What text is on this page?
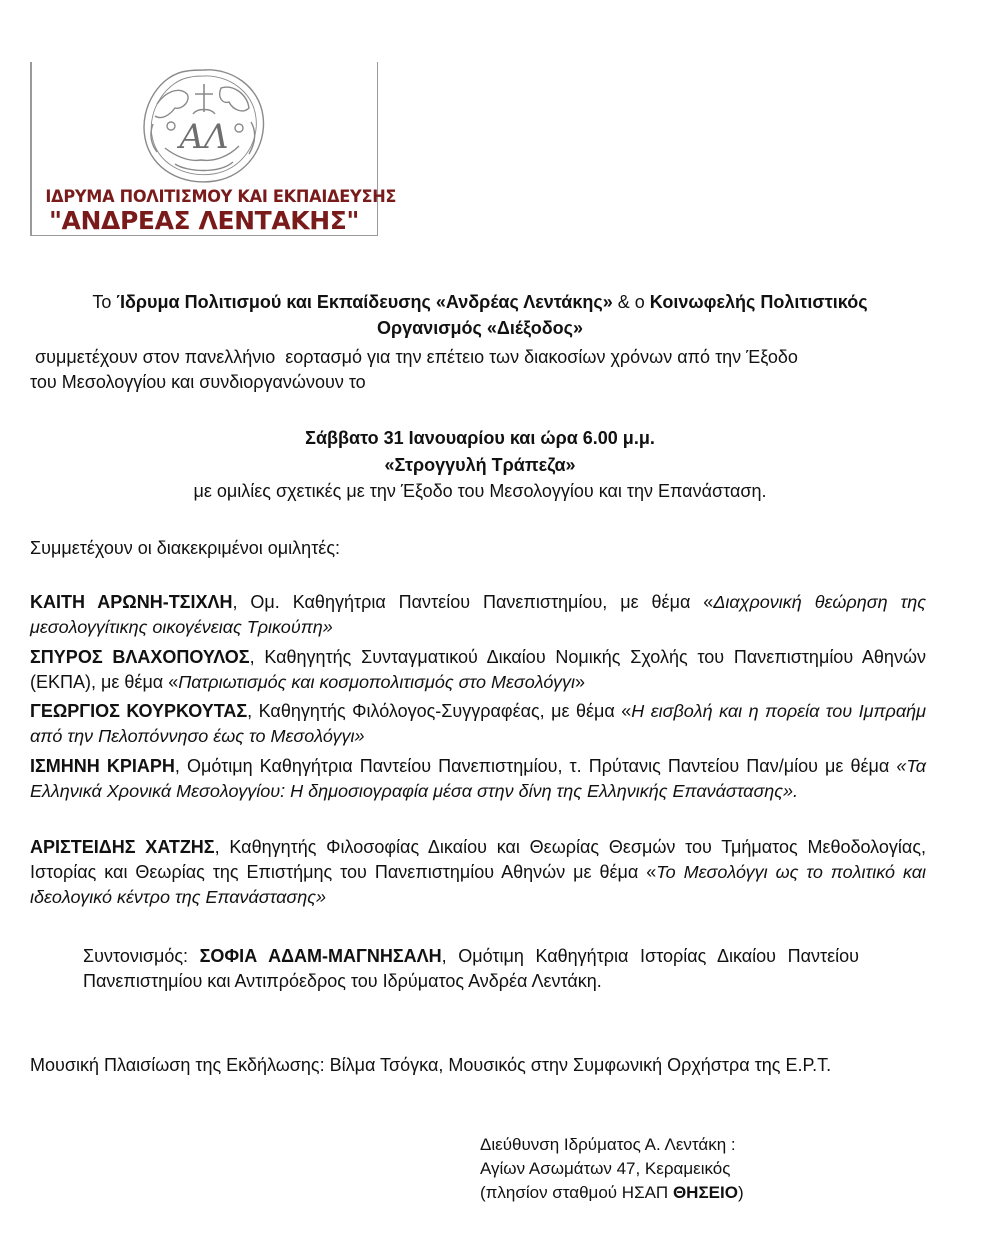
ΑΛ
ΙΔΡΥΜΑ ΠΟΛΙΤΙΣΜΟΥ ΚΑΙ ΕΚΠΑΙΔΕΥΣΗΣ
"ΑΝΔΡΕΑΣ ΛΕΝΤΑΚΗΣ"
Το Ίδρυμα Πολιτισμού και Εκπαίδευσης «Ανδρέας Λεντάκης» & ο Κοινωφελής Πολιτιστικός
Οργανισμός «Διέξοδος»
συμμετέχουν στον πανελλήνιο  εορτασμό για την επέτειο των διακοσίων χρόνων από την Έξοδο
του Μεσολογγίου και συνδιοργανώνουν το
Σάββατο 31 Ιανουαρίου και ώρα 6.00 μ.μ.
«Στρογγυλή Τράπεζα»
με ομιλίες σχετικές με την Έξοδο του Μεσολογγίου και την Επανάσταση.
Συμμετέχουν οι διακεκριμένοι ομιλητές:
ΚΑΙΤΗ ΑΡΩΝΗ-ΤΣΙΧΛΗ, Ομ. Καθηγήτρια Παντείου Πανεπιστημίου, με θέμα «Διαχρονική θεώρηση της μεσολογγίτικης οικογένειας Τρικούπη»
ΣΠΥΡΟΣ ΒΛΑΧΟΠΟΥΛΟΣ, Καθηγητής Συνταγματικού Δικαίου Νομικής Σχολής του Πανεπιστημίου Αθηνών (ΕΚΠΑ), με θέμα «Πατριωτισμός και κοσμοπολιτισμός στο Μεσολόγγι»
ΓΕΩΡΓΙΟΣ ΚΟΥΡΚΟΥΤΑΣ, Καθηγητής Φιλόλογος-Συγγραφέας, με θέμα «Η εισβολή και η πορεία του Ιμπραήμ από την Πελοπόννησο έως το Μεσολόγγι»
ΙΣΜΗΝΗ ΚΡΙΑΡΗ, Ομότιμη Καθηγήτρια Παντείου Πανεπιστημίου, τ. Πρύτανις Παντείου Παν/μίου με θέμα «Τα Ελληνικά Χρονικά Μεσολογγίου: Η δημοσιογραφία μέσα στην δίνη της Ελληνικής Επανάστασης».
ΑΡΙΣΤΕΙΔΗΣ ΧΑΤΖΗΣ, Καθηγητής Φιλοσοφίας Δικαίου και Θεωρίας Θεσμών του Τμήματος Μεθοδολογίας, Ιστορίας και Θεωρίας της Επιστήμης του Πανεπιστημίου Αθηνών με θέμα «Το Μεσολόγγι ως το πολιτικό και ιδεολογικό κέντρο της Επανάστασης»
Συντονισμός: ΣΟΦΙΑ ΑΔΑΜ-ΜΑΓΝΗΣΑΛΗ, Ομότιμη Καθηγήτρια Ιστορίας Δικαίου Παντείου Πανεπιστημίου και Αντιπρόεδρος του Ιδρύματος Ανδρέα Λεντάκη.
Μουσική Πλαισίωση της Εκδήλωσης: Βίλμα Τσόγκα, Μουσικός στην Συμφωνική Ορχήστρα της Ε.Ρ.Τ.
Διεύθυνση Ιδρύματος Α. Λεντάκη :
Αγίων Ασωμάτων 47, Κεραμεικός
(πλησίον σταθμού ΗΣΑΠ ΘΗΣΕΙΟ)
